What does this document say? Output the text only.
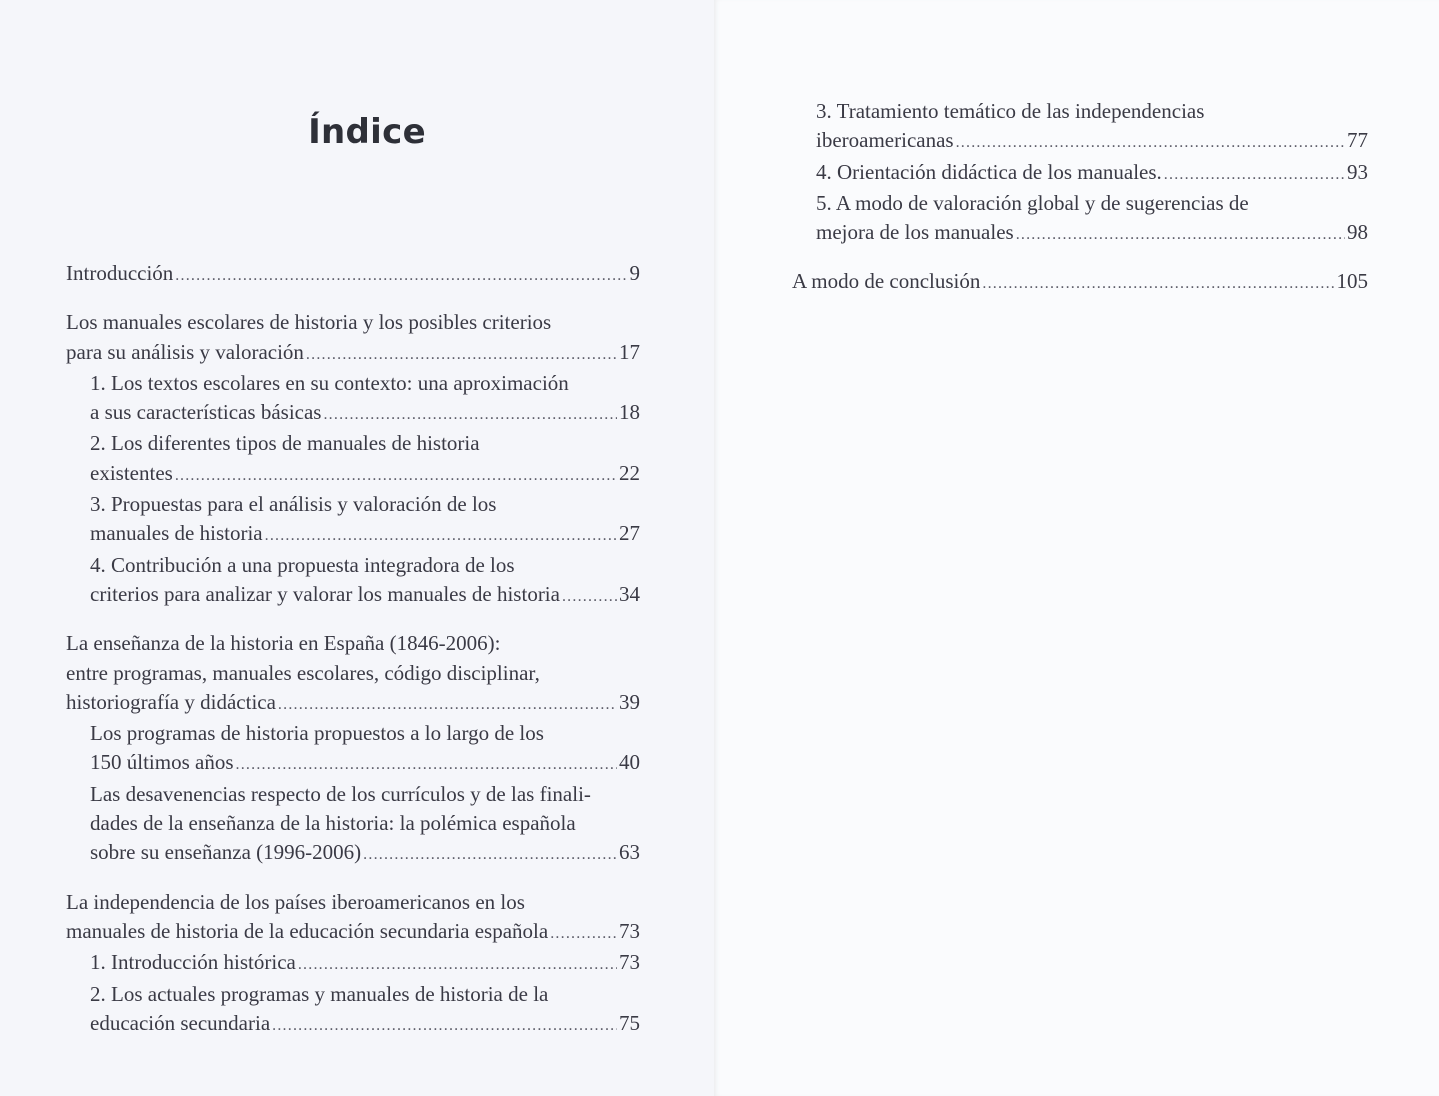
Índice
Introducción .....	9
Los manuales escolares de historia y los posibles criterios
para su análisis y valoración .....	17
1. Los textos escolares en su contexto: una aproximación
a sus características básicas .....	18
2. Los diferentes tipos de manuales de historia
existentes .....	22
3. Propuestas para el análisis y valoración de los
manuales de historia .....	27
4. Contribución a una propuesta integradora de los
criterios para analizar y valorar los manuales de historia .....	34
La enseñanza de la historia en España (1846-2006):
entre programas, manuales escolares, código disciplinar,
historiografía y didáctica .....	39
Los programas de historia propuestos a lo largo de los
150 últimos años .....	40
Las desavenencias respecto de los currículos y de las finali-
dades de la enseñanza de la historia: la polémica española
sobre su enseñanza (1996-2006) .....	63
La independencia de los países iberoamericanos en los
manuales de historia de la educación secundaria española .....	73
1. Introducción histórica .....	73
2. Los actuales programas y manuales de historia de la
educación secundaria .....	75
3. Tratamiento temático de las independencias
iberoamericanas .....	77
4. Orientación didáctica de los manuales. .....	93
5. A modo de valoración global y de sugerencias de
mejora de los manuales .....	98
A modo de conclusión .....	105
